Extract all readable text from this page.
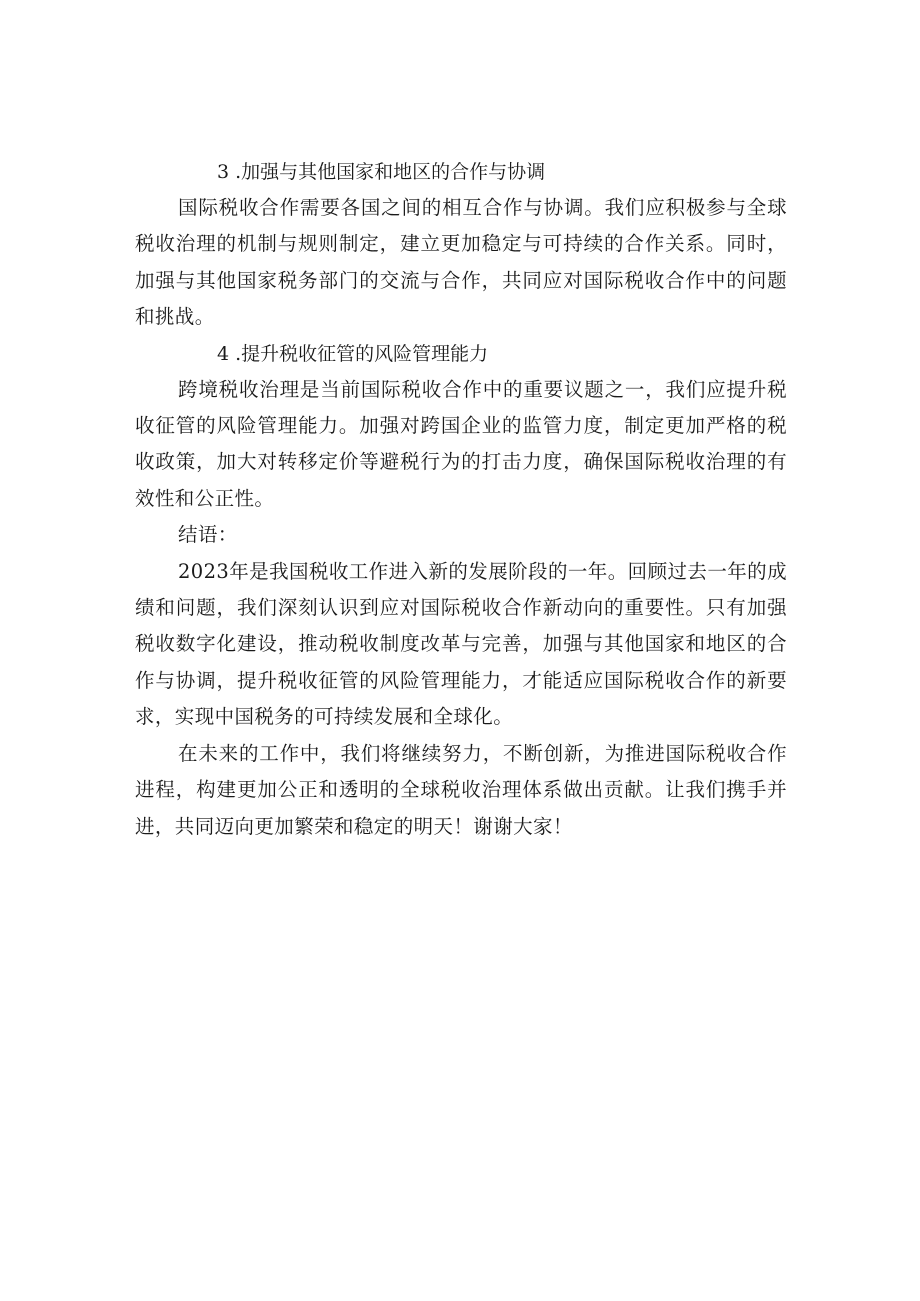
3 .加强与其他国家和地区的合作与协调

国际税收合作需要各国之间的相互合作与协调。我们应积极参与全球税收治理的机制与规则制定，建立更加稳定与可持续的合作关系。同时，加强与其他国家税务部门的交流与合作，共同应对国际税收合作中的问题和挑战。

4 .提升税收征管的风险管理能力

跨境税收治理是当前国际税收合作中的重要议题之一，我们应提升税收征管的风险管理能力。加强对跨国企业的监管力度，制定更加严格的税收政策，加大对转移定价等避税行为的打击力度，确保国际税收治理的有效性和公正性。

结语：

2023年是我国税收工作进入新的发展阶段的一年。回顾过去一年的成绩和问题，我们深刻认识到应对国际税收合作新动向的重要性。只有加强税收数字化建设，推动税收制度改革与完善，加强与其他国家和地区的合作与协调，提升税收征管的风险管理能力，才能适应国际税收合作的新要求，实现中国税务的可持续发展和全球化。

在未来的工作中，我们将继续努力，不断创新，为推进国际税收合作进程，构建更加公正和透明的全球税收治理体系做出贡献。让我们携手并进，共同迈向更加繁荣和稳定的明天！谢谢大家！
